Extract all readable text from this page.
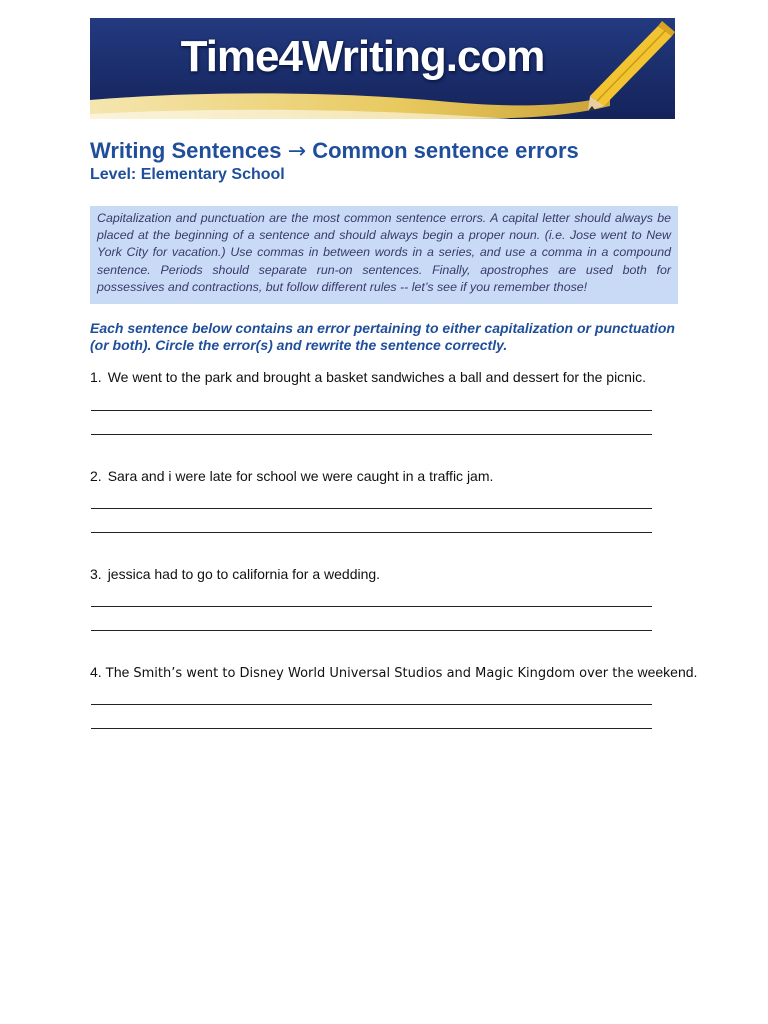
Time4Writing.com
Writing Sentences → Common sentence errors
Level: Elementary School
Capitalization and punctuation are the most common sentence errors. A capital letter should always be placed at the beginning of a sentence and should always begin a proper noun. (i.e. Jose went to New York City for vacation.) Use commas in between words in a series, and use a comma in a compound sentence. Periods should separate run-on sentences. Finally, apostrophes are used both for possessives and contractions, but follow different rules -- let’s see if you remember those!
Each sentence below contains an error pertaining to either capitalization or punctuation (or both). Circle the error(s) and rewrite the sentence correctly.
1. We went to the park and brought a basket sandwiches a ball and dessert for the picnic.
2. Sara and i were late for school we were caught in a traffic jam.
3. jessica had to go to california for a wedding.
4. The Smith’s went to Disney World Universal Studios and Magic Kingdom over the weekend.
